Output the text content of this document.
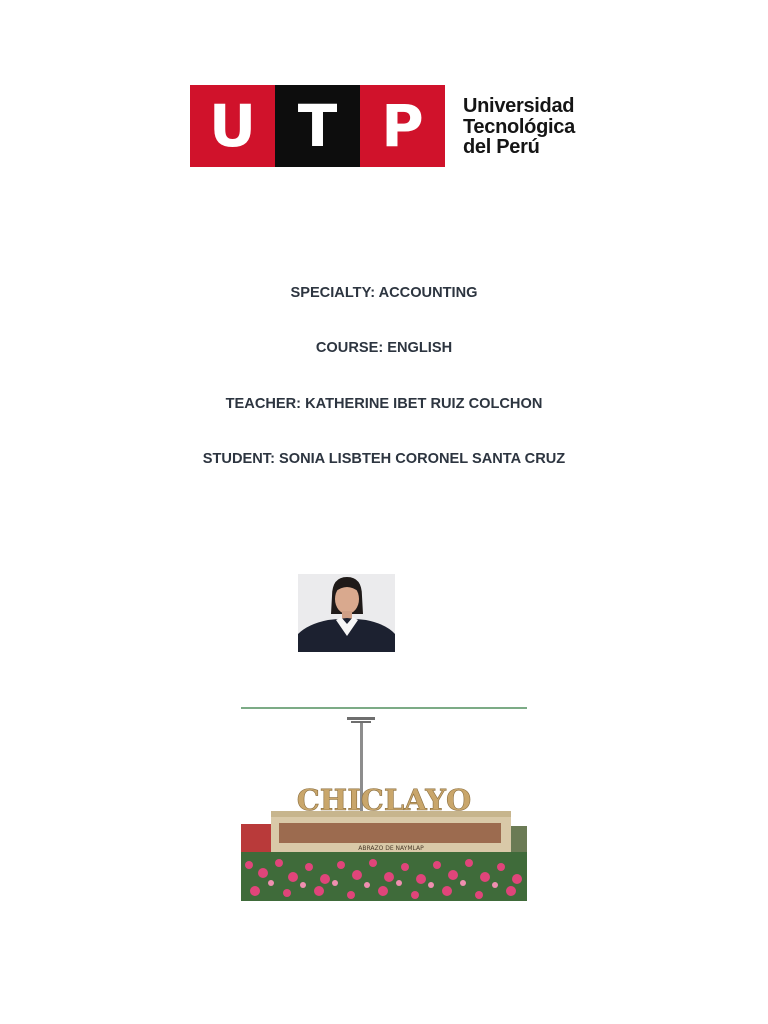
U T P	Universidad
Tecnológica
del Perú
SPECIALTY: ACCOUNTING
COURSE: ENGLISH
TEACHER: KATHERINE IBET RUIZ COLCHON
STUDENT: SONIA LISBTEH CORONEL SANTA CRUZ
CHICLAYO
ABRAZO DE NAYMLAP
